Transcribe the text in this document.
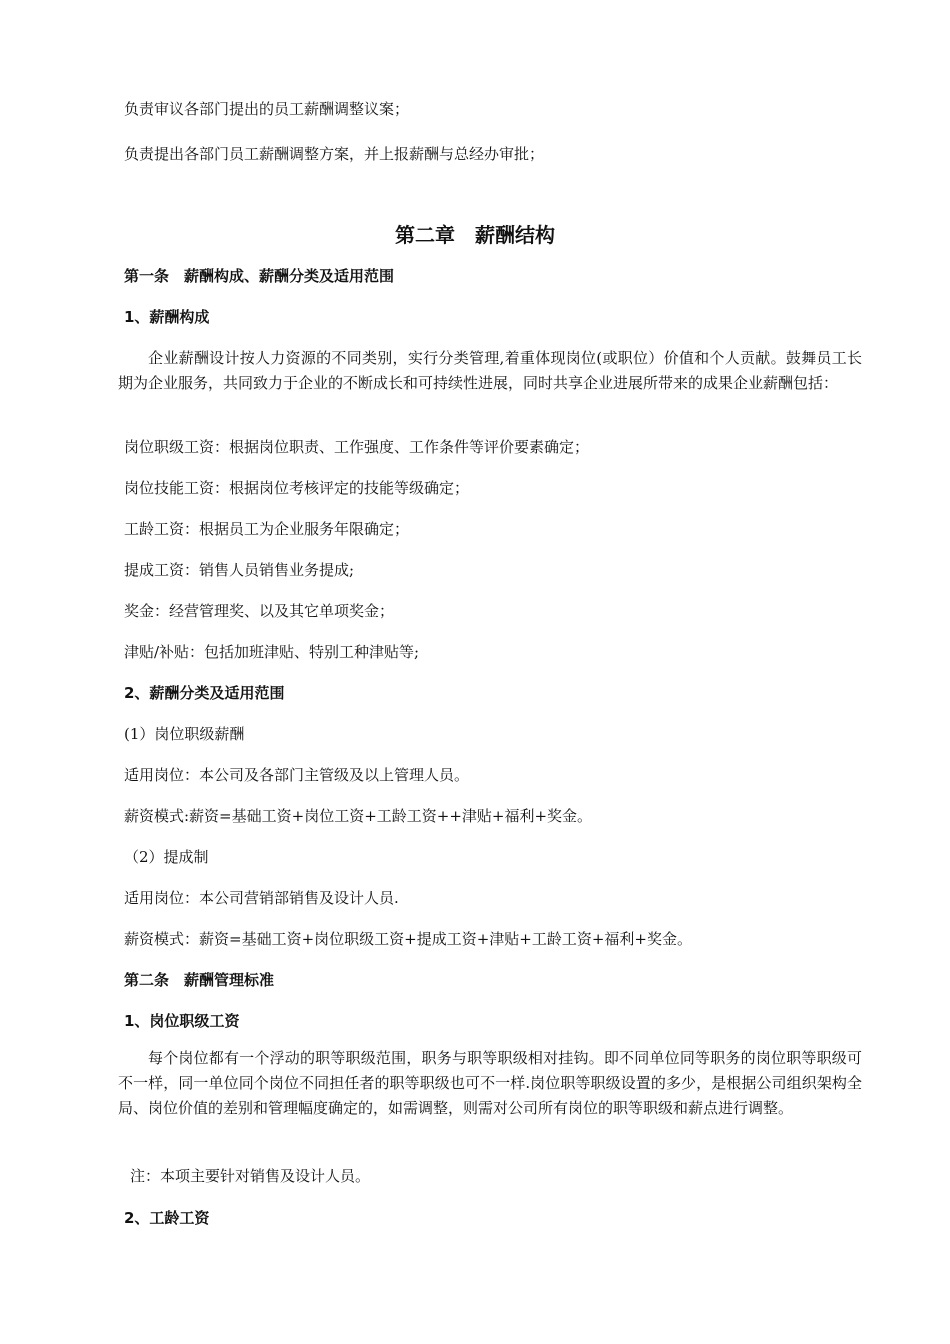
负责审议各部门提出的员工薪酬调整议案；
负责提出各部门员工薪酬调整方案，并上报薪酬与总经办审批；
第二章　薪酬结构
第一条　薪酬构成、薪酬分类及适用范围
1、薪酬构成
企业薪酬设计按人力资源的不同类别，实行分类管理,着重体现岗位(或职位）价值和个人贡献。鼓舞员工长期为企业服务，共同致力于企业的不断成长和可持续性进展，同时共享企业进展所带来的成果企业薪酬包括：
岗位职级工资：根据岗位职责、工作强度、工作条件等评价要素确定；
岗位技能工资：根据岗位考核评定的技能等级确定；
工龄工资：根据员工为企业服务年限确定；
提成工资：销售人员销售业务提成;
奖金：经营管理奖、以及其它单项奖金；
津贴/补贴：包括加班津贴、特别工种津贴等;
2、薪酬分类及适用范围
(1）岗位职级薪酬
适用岗位：本公司及各部门主管级及以上管理人员。
薪资模式:薪资=基础工资+岗位工资+工龄工资++津贴+福利+奖金。
（2）提成制
适用岗位：本公司营销部销售及设计人员.
薪资模式：薪资=基础工资+岗位职级工资+提成工资+津贴+工龄工资+福利+奖金。
第二条　薪酬管理标准
1、岗位职级工资
每个岗位都有一个浮动的职等职级范围，职务与职等职级相对挂钩。即不同单位同等职务的岗位职等职级可不一样，同一单位同个岗位不同担任者的职等职级也可不一样.岗位职等职级设置的多少，是根据公司组织架构全局、岗位价值的差别和管理幅度确定的，如需调整，则需对公司所有岗位的职等职级和薪点进行调整。
注：本项主要针对销售及设计人员。
2、工龄工资
